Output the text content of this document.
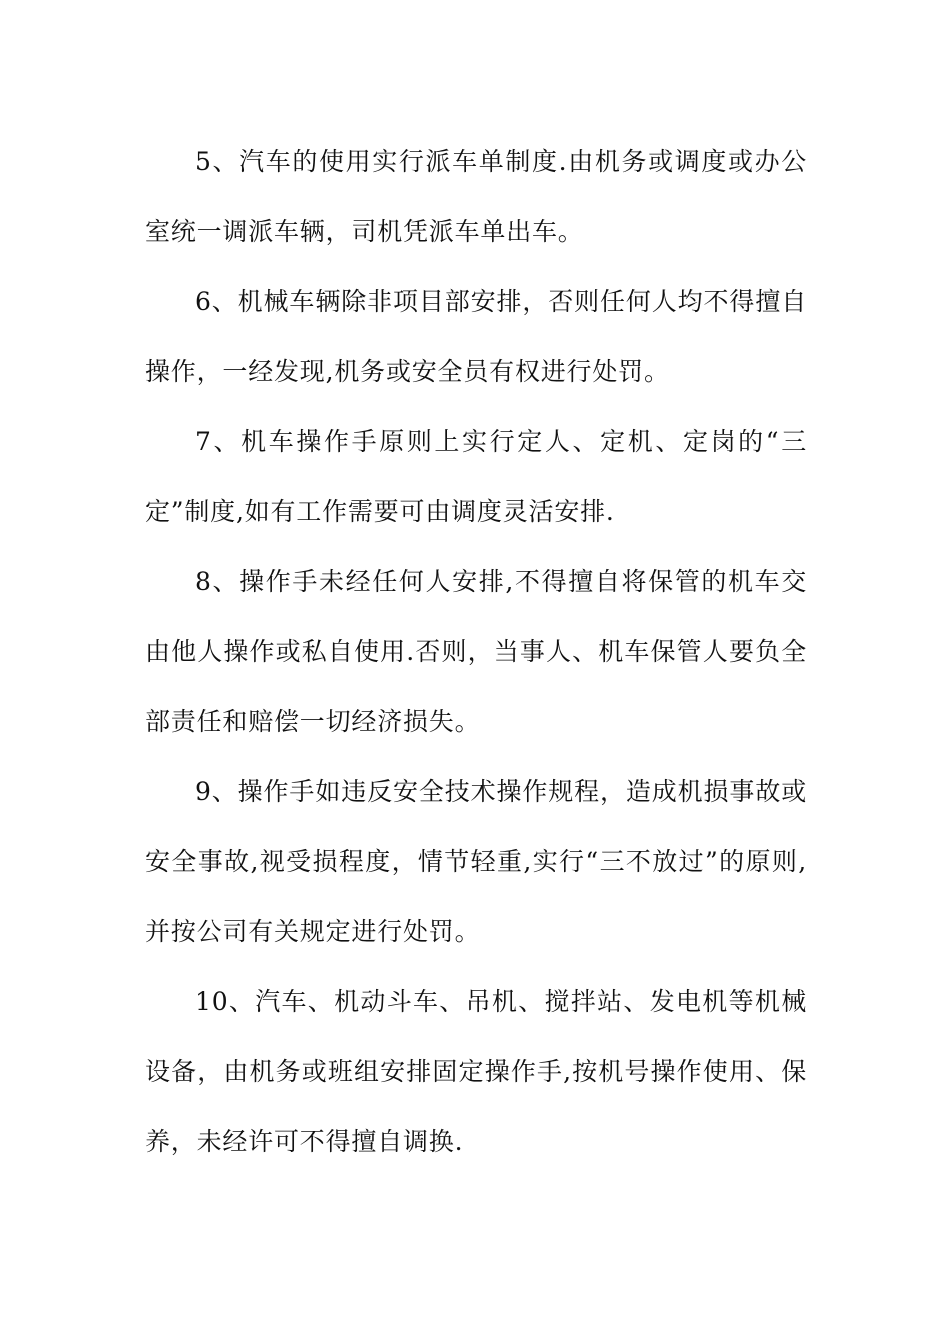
5、汽车的使用实行派车单制度.由机务或调度或办公室统一调派车辆，司机凭派车单出车。

6、机械车辆除非项目部安排，否则任何人均不得擅自操作，一经发现,机务或安全员有权进行处罚。

7、机车操作手原则上实行定人、定机、定岗的“三定”制度,如有工作需要可由调度灵活安排.

8、操作手未经任何人安排,不得擅自将保管的机车交由他人操作或私自使用.否则，当事人、机车保管人要负全部责任和赔偿一切经济损失。

9、操作手如违反安全技术操作规程，造成机损事故或安全事故,视受损程度，情节轻重,实行“三不放过”的原则,并按公司有关规定进行处罚。

10、汽车、机动斗车、吊机、搅拌站、发电机等机械设备，由机务或班组安排固定操作手,按机号操作使用、保养，未经许可不得擅自调换.
